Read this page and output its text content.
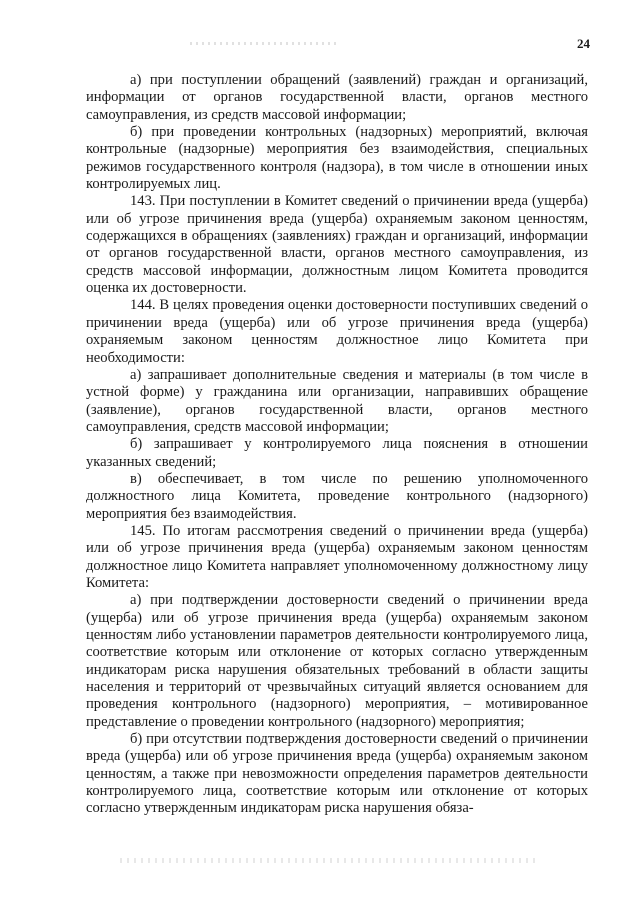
24

а) при поступлении обращений (заявлений) граждан и организаций, информации от органов государственной власти, органов местного самоуправления, из средств массовой информации;

б) при проведении контрольных (надзорных) мероприятий, включая контрольные (надзорные) мероприятия без взаимодействия, специальных режимов государственного контроля (надзора), в том числе в отношении иных контролируемых лиц.

143. При поступлении в Комитет сведений о причинении вреда (ущерба) или об угрозе причинения вреда (ущерба) охраняемым законом ценностям, содержащихся в обращениях (заявлениях) граждан и организаций, информации от органов государственной власти, органов местного самоуправления, из средств массовой информации, должностным лицом Комитета проводится оценка их достоверности.

144. В целях проведения оценки достоверности поступивших сведений о причинении вреда (ущерба) или об угрозе причинения вреда (ущерба) охраняемым законом ценностям должностное лицо Комитета при необходимости:

а) запрашивает дополнительные сведения и материалы (в том числе в устной форме) у гражданина или организации, направивших обращение (заявление), органов государственной власти, органов местного самоуправления, средств массовой информации;

б) запрашивает у контролируемого лица пояснения в отношении указанных сведений;

в) обеспечивает, в том числе по решению уполномоченного должностного лица Комитета, проведение контрольного (надзорного) мероприятия без взаимодействия.

145. По итогам рассмотрения сведений о причинении вреда (ущерба) или об угрозе причинения вреда (ущерба) охраняемым законом ценностям должностное лицо Комитета направляет уполномоченному должностному лицу Комитета:

а) при подтверждении достоверности сведений о причинении вреда (ущерба) или об угрозе причинения вреда (ущерба) охраняемым законом ценностям либо установлении параметров деятельности контролируемого лица, соответствие которым или отклонение от которых согласно утвержденным индикаторам риска нарушения обязательных требований в области защиты населения и территорий от чрезвычайных ситуаций является основанием для проведения контрольного (надзорного) мероприятия, – мотивированное представление о проведении контрольного (надзорного) мероприятия;

б) при отсутствии подтверждения достоверности сведений о причинении вреда (ущерба) или об угрозе причинения вреда (ущерба) охраняемым законом ценностям, а также при невозможности определения параметров деятельности контролируемого лица, соответствие которым или отклонение от которых согласно утвержденным индикаторам риска нарушения обяза-
